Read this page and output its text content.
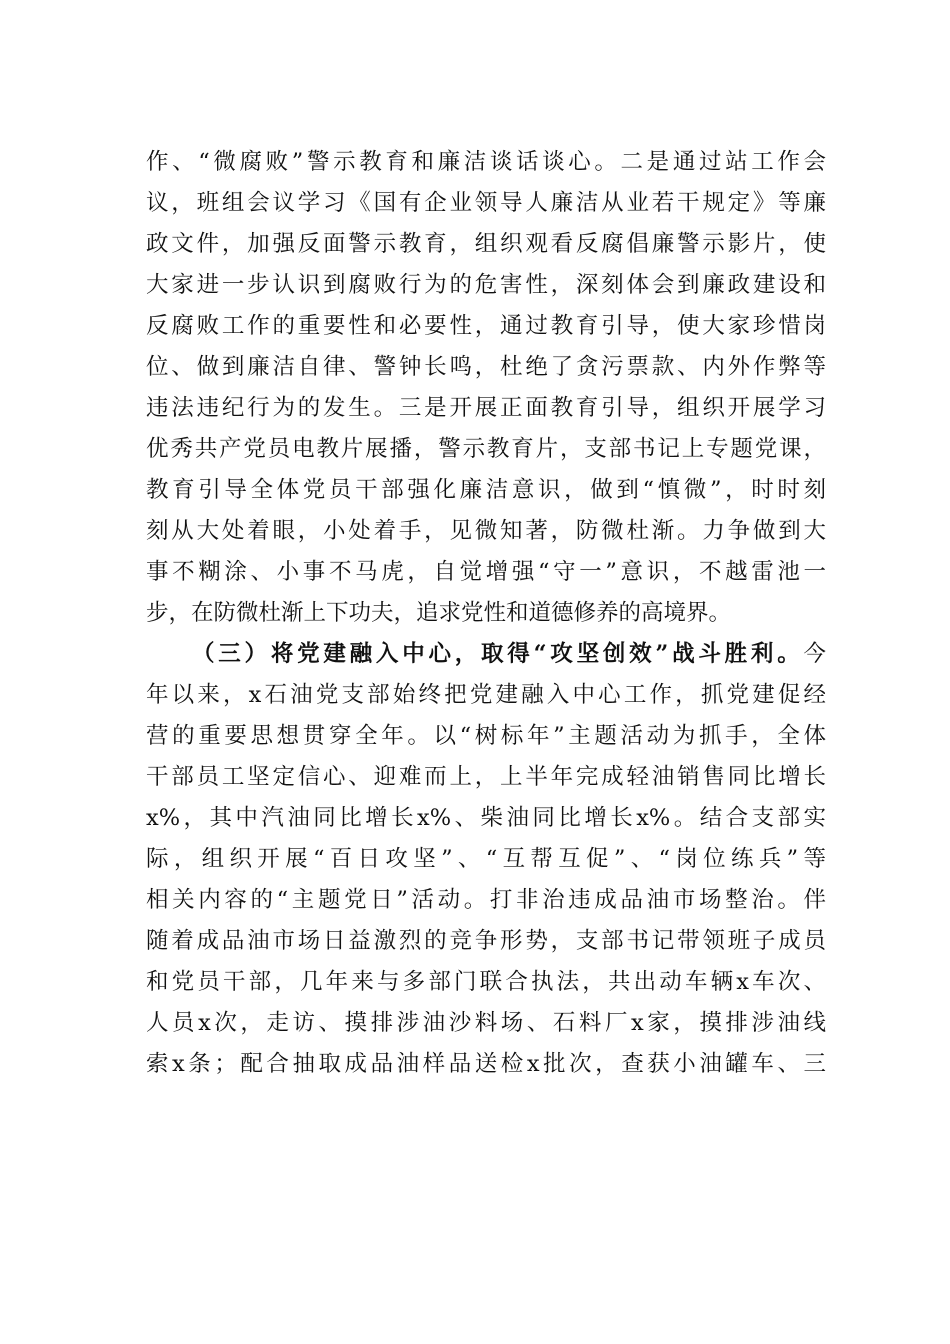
作、“微腐败”警示教育和廉洁谈话谈心。二是通过站工作会
议，班组会议学习《国有企业领导人廉洁从业若干规定》等廉
政文件，加强反面警示教育，组织观看反腐倡廉警示影片，使
大家进一步认识到腐败行为的危害性，深刻体会到廉政建设和
反腐败工作的重要性和必要性，通过教育引导，使大家珍惜岗
位、做到廉洁自律、警钟长鸣，杜绝了贪污票款、内外作弊等
违法违纪行为的发生。三是开展正面教育引导，组织开展学习
优秀共产党员电教片展播，警示教育片，支部书记上专题党课，
教育引导全体党员干部强化廉洁意识，做到“慎微”，时时刻
刻从大处着眼，小处着手，见微知著，防微杜渐。力争做到大
事不糊涂、小事不马虎，自觉增强“守一”意识，不越雷池一
步，在防微杜渐上下功夫，追求党性和道德修养的高境界。
（三）将党建融入中心，取得“攻坚创效”战斗胜利。今
年以来，x石油党支部始终把党建融入中心工作，抓党建促经
营的重要思想贯穿全年。以“树标年”主题活动为抓手，全体
干部员工坚定信心、迎难而上，上半年完成轻油销售同比增长
x%，其中汽油同比增长x%、柴油同比增长x%。结合支部实
际，组织开展“百日攻坚”、“互帮互促”、“岗位练兵”等
相关内容的“主题党日”活动。打非治违成品油市场整治。伴
随着成品油市场日益激烈的竞争形势，支部书记带领班子成员
和党员干部，几年来与多部门联合执法，共出动车辆x车次、
人员x次，走访、摸排涉油沙料场、石料厂x家，摸排涉油线
索x条；配合抽取成品油样品送检x批次，查获小油罐车、三
